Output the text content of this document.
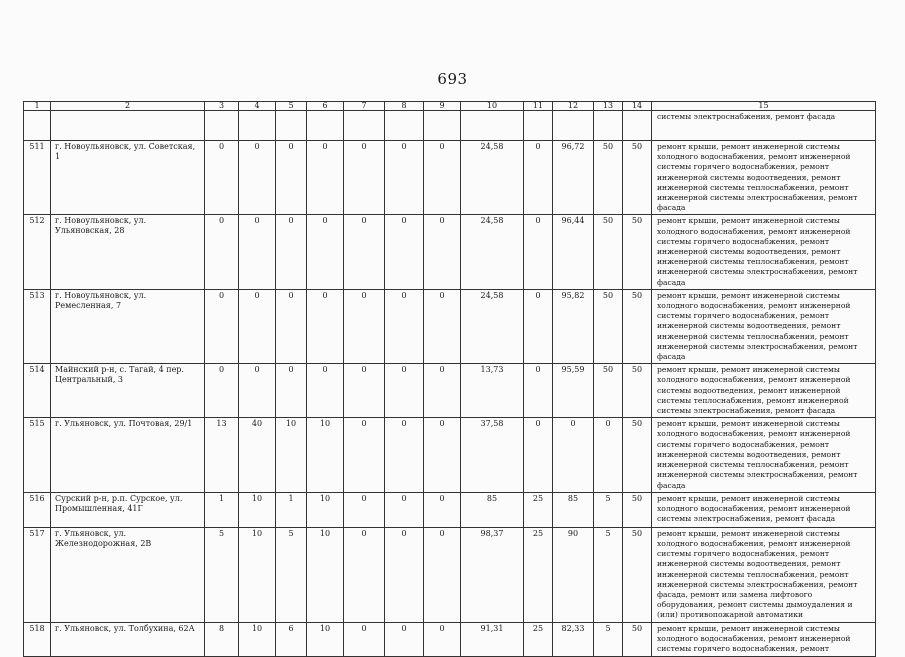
693
1	2	3	4	5	6	7	8	9	10	11	12	13	14	15
														системы электроснабжения, ремонт фасада
511	г. Новоульяновск, ул. Советская, 1	0	0	0	0	0	0	0	24,58	0	96,72	50	50	ремонт крыши, ремонт инженерной системы холодного водоснабжения, ремонт инженерной системы горячего водоснабжения, ремонт инженерной системы водоотведения, ремонт инженерной системы теплоснабжения, ремонт инженерной системы электроснабжения, ремонт фасада
512	г. Новоульяновск, ул. Ульяновская, 28	0	0	0	0	0	0	0	24,58	0	96,44	50	50	ремонт крыши, ремонт инженерной системы холодного водоснабжения, ремонт инженерной системы горячего водоснабжения, ремонт инженерной системы водоотведения, ремонт инженерной системы теплоснабжения, ремонт инженерной системы электроснабжения, ремонт фасада
513	г. Новоульяновск, ул. Ремесленная, 7	0	0	0	0	0	0	0	24,58	0	95,82	50	50	ремонт крыши, ремонт инженерной системы холодного водоснабжения, ремонт инженерной системы горячего водоснабжения, ремонт инженерной системы водоотведения, ремонт инженерной системы теплоснабжения, ремонт инженерной системы электроснабжения, ремонт фасада
514	Майнский р-н, с. Тагай, 4 пер. Центральный, 3	0	0	0	0	0	0	0	13,73	0	95,59	50	50	ремонт крыши, ремонт инженерной системы холодного водоснабжения, ремонт инженерной системы водоотведения, ремонт инженерной системы теплоснабжения, ремонт инженерной системы электроснабжения, ремонт фасада
515	г. Ульяновск, ул. Почтовая, 29/1	13	40	10	10	0	0	0	37,58	0	0	0	50	ремонт крыши, ремонт инженерной системы холодного водоснабжения, ремонт инженерной системы горячего водоснабжения, ремонт инженерной системы водоотведения, ремонт инженерной системы теплоснабжения, ремонт инженерной системы электроснабжения, ремонт фасада
516	Сурский р-н, р.п. Сурское, ул. Промышленная, 41Г	1	10	1	10	0	0	0	85	25	85	5	50	ремонт крыши, ремонт инженерной системы холодного водоснабжения, ремонт инженерной системы электроснабжения, ремонт фасада
517	г. Ульяновск, ул. Железнодорожная, 2В	5	10	5	10	0	0	0	98,37	25	90	5	50	ремонт крыши, ремонт инженерной системы холодного водоснабжения, ремонт инженерной системы горячего водоснабжения, ремонт инженерной системы водоотведения, ремонт инженерной системы теплоснабжения, ремонт инженерной системы электроснабжения, ремонт фасада, ремонт или замена лифтового оборудования, ремонт системы дымоудаления и (или) противопожарной автоматики
518	г. Ульяновск, ул. Толбухина, 62А	8	10	6	10	0	0	0	91,31	25	82,33	5	50	ремонт крыши, ремонт инженерной системы холодного водоснабжения, ремонт инженерной системы горячего водоснабжения, ремонт
